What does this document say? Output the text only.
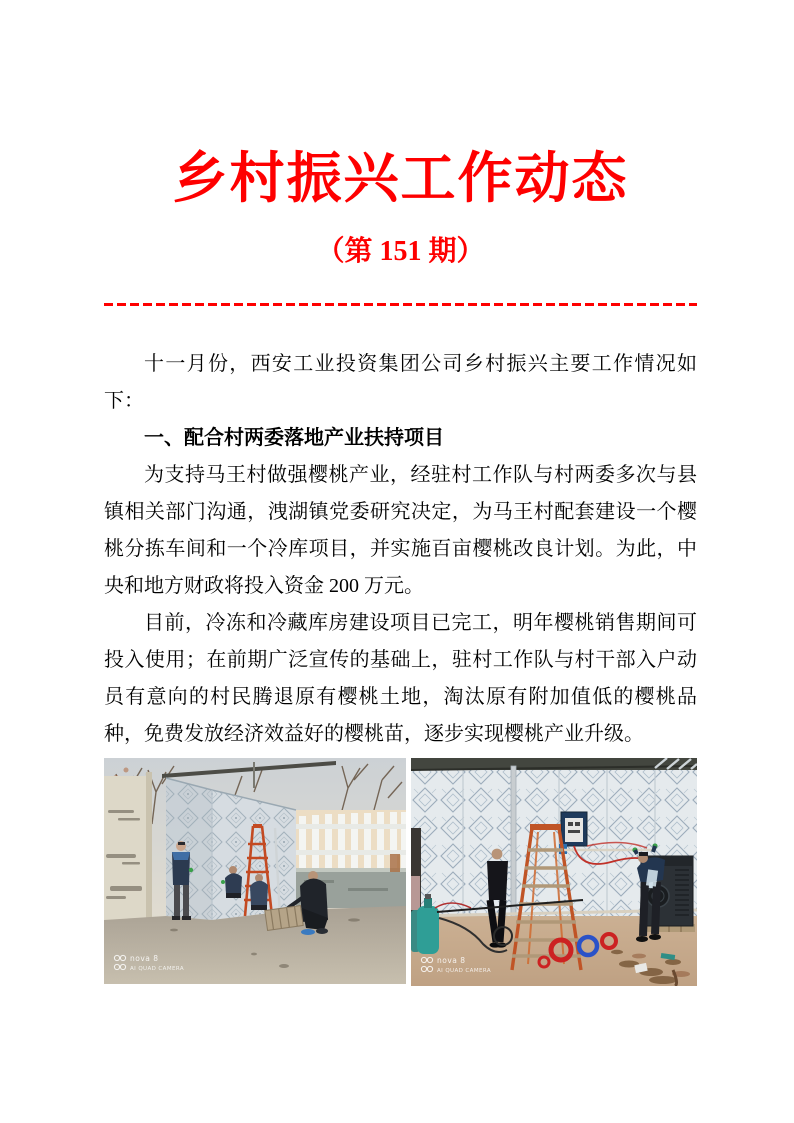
乡村振兴工作动态
（第 151 期）

十一月份，西安工业投资集团公司乡村振兴主要工作情况如下：

一、配合村两委落地产业扶持项目

为支持马王村做强樱桃产业，经驻村工作队与村两委多次与县镇相关部门沟通，洩湖镇党委研究决定，为马王村配套建设一个樱桃分拣车间和一个冷库项目，并实施百亩樱桃改良计划。为此，中央和地方财政将投入资金 200 万元。

目前，冷冻和冷藏库房建设项目已完工，明年樱桃销售期间可投入使用；在前期广泛宣传的基础上，驻村工作队与村干部入户动员有意向的村民腾退原有樱桃土地，淘汰原有附加值低的樱桃品种，免费发放经济效益好的樱桃苗，逐步实现樱桃产业升级。

nova 8
AI QUAD CAMERA
nova 8
AI QUAD CAMERA
